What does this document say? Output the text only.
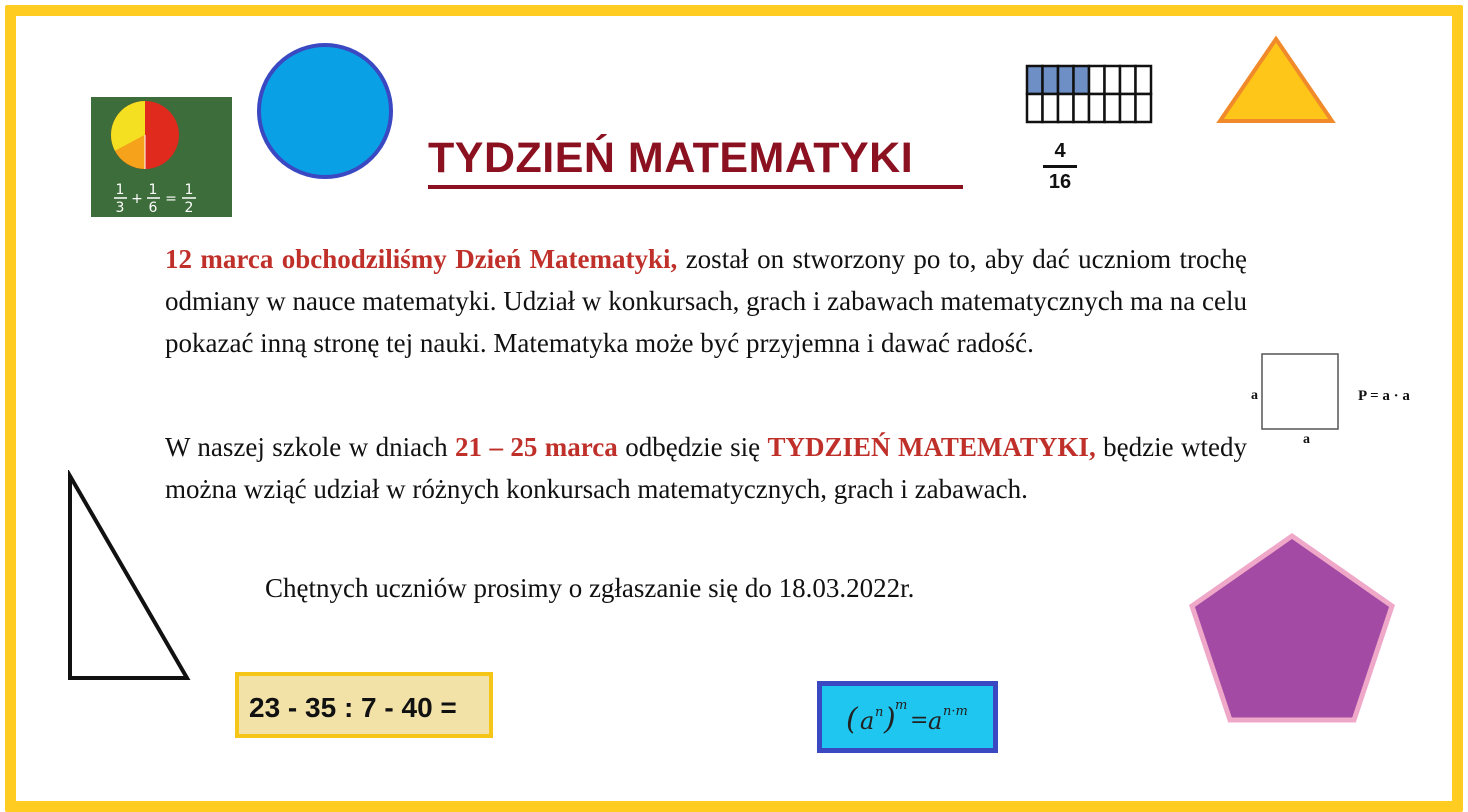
1
3
+
1
6
=
1
2
TYDZIEŃ MATEMATYKI	4
16

12 marca obchodziliśmy Dzień Matematyki, został on stworzony po to, aby dać uczniom trochę odmiany w nauce matematyki. Udział w konkursach, grach i zabawach matematycznych ma na celu pokazać inną stronę tej nauki. Matematyka może być przyjemna i dawać radość.

W naszej szkole w dniach 21 – 25 marca odbędzie się TYDZIEŃ MATEMATYKI, będzie wtedy można wziąć udział w różnych konkursach matematycznych, grach i zabawach.

Chętnych uczniów prosimy o zgłaszanie się do 18.03.2022r.
a
a
P = a · a
23 - 35 : 7 - 40 =	( a n ) m
= a n·m
